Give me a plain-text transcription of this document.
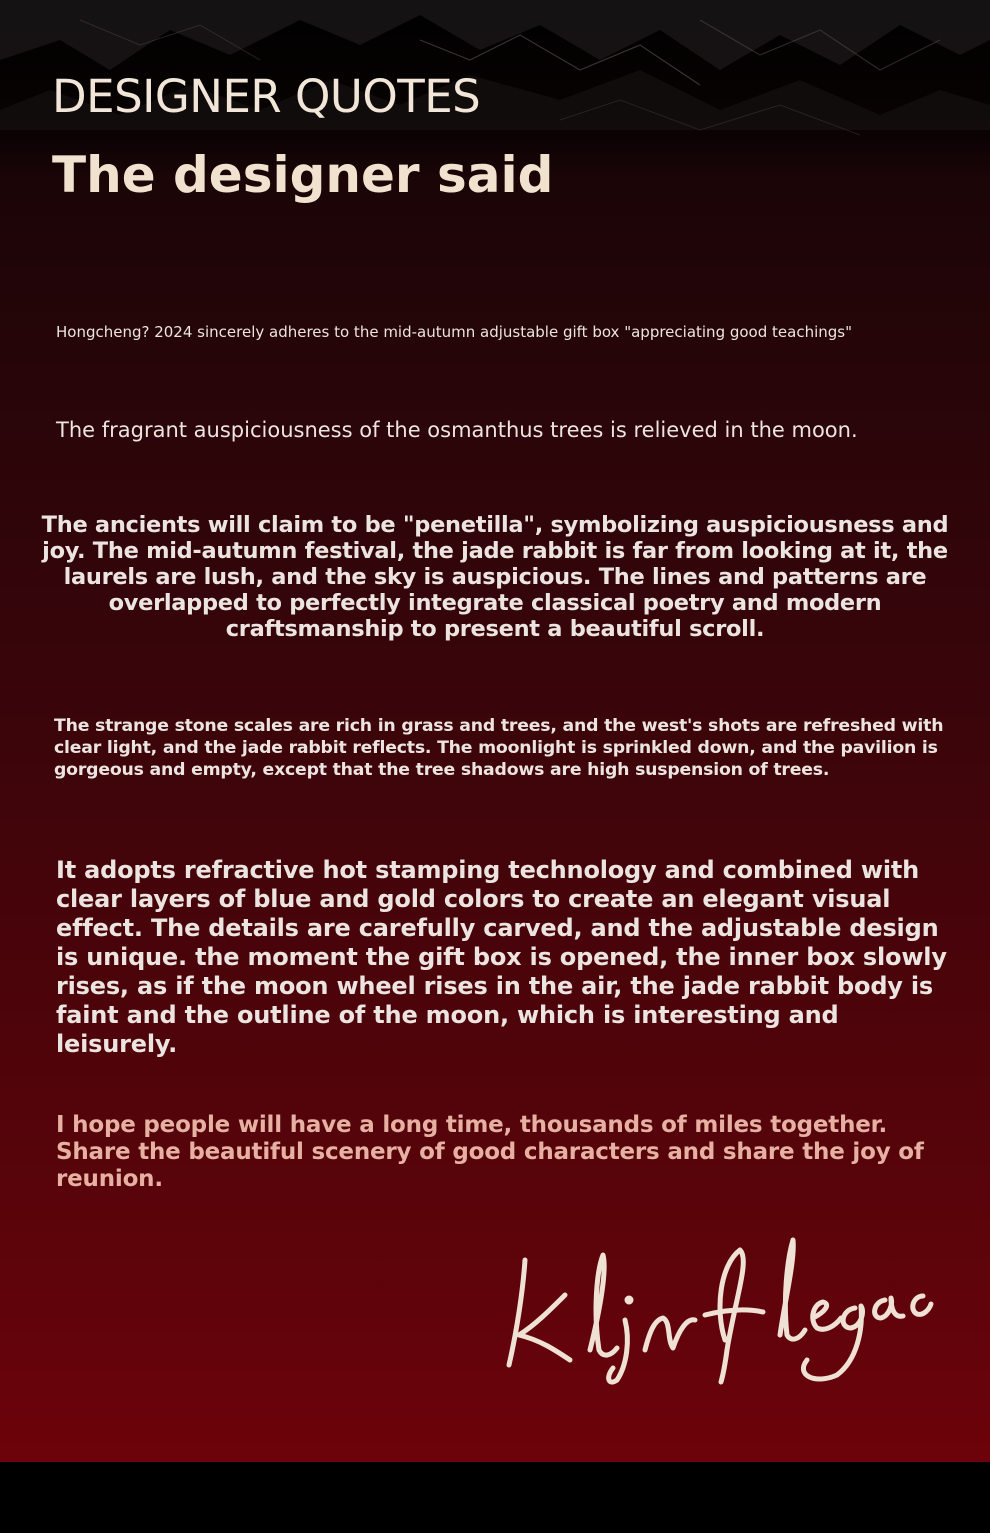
DESIGNER QUOTES
The designer said

Hongcheng? 2024 sincerely adheres to the mid-autumn adjustable gift box "appreciating good teachings"

The fragrant auspiciousness of the osmanthus trees is relieved in the moon.

The ancients will claim to be "penetilla", symbolizing auspiciousness and joy. The mid-autumn festival, the jade rabbit is far from looking at it, the laurels are lush, and the sky is auspicious. The lines and patterns are overlapped to perfectly integrate classical poetry and modern craftsmanship to present a beautiful scroll.

The strange stone scales are rich in grass and trees, and the west's shots are refreshed with clear light, and the jade rabbit reflects. The moonlight is sprinkled down, and the pavilion is gorgeous and empty, except that the tree shadows are high suspension of trees.

It adopts refractive hot stamping technology and combined with clear layers of blue and gold colors to create an elegant visual effect. The details are carefully carved, and the adjustable design is unique. the moment the gift box is opened, the inner box slowly rises, as if the moon wheel rises in the air, the jade rabbit body is faint and the outline of the moon, which is interesting and leisurely.

I hope people will have a long time, thousands of miles together. Share the beautiful scenery of good characters and share the joy of reunion.
